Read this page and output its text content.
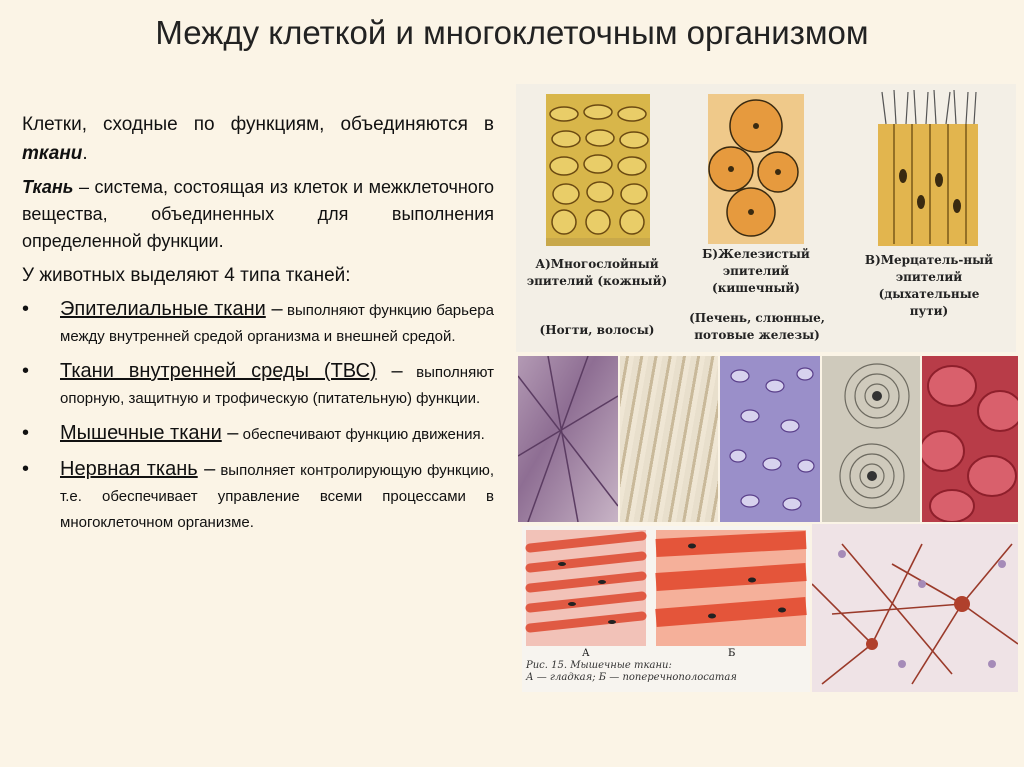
Между клеткой и многоклеточным организмом

Клетки, сходные по функциям, объединяются в ткани.

Ткань – система, состоящая из клеток и межклеточного вещества, объединенных для выполнения определенной функции.

У животных выделяют 4 типа тканей:

• Эпителиальные ткани – выполняют функцию барьера между внутренней средой организма и внешней средой.
• Ткани внутренней среды (ТВС) – выполняют опорную, защитную и трофическую (питательную) функции.
• Мышечные ткани – обеспечивают функцию движения.
• Нервная ткань – выполняет контролирующую функцию, т.е. обеспечивает управление всеми процессами в многоклеточном организме.
А)Многослойный эпителий (кожный)
(Ногти, волосы)
Б)Железистый эпителий (кишечный)
(Печень, слюнные, потовые железы)
В)Мерцатель-ный эпителий (дыхательные пути)
А	Б
Рис. 15. Мышечные ткани:
А — гладкая; Б — поперечнополосатая
